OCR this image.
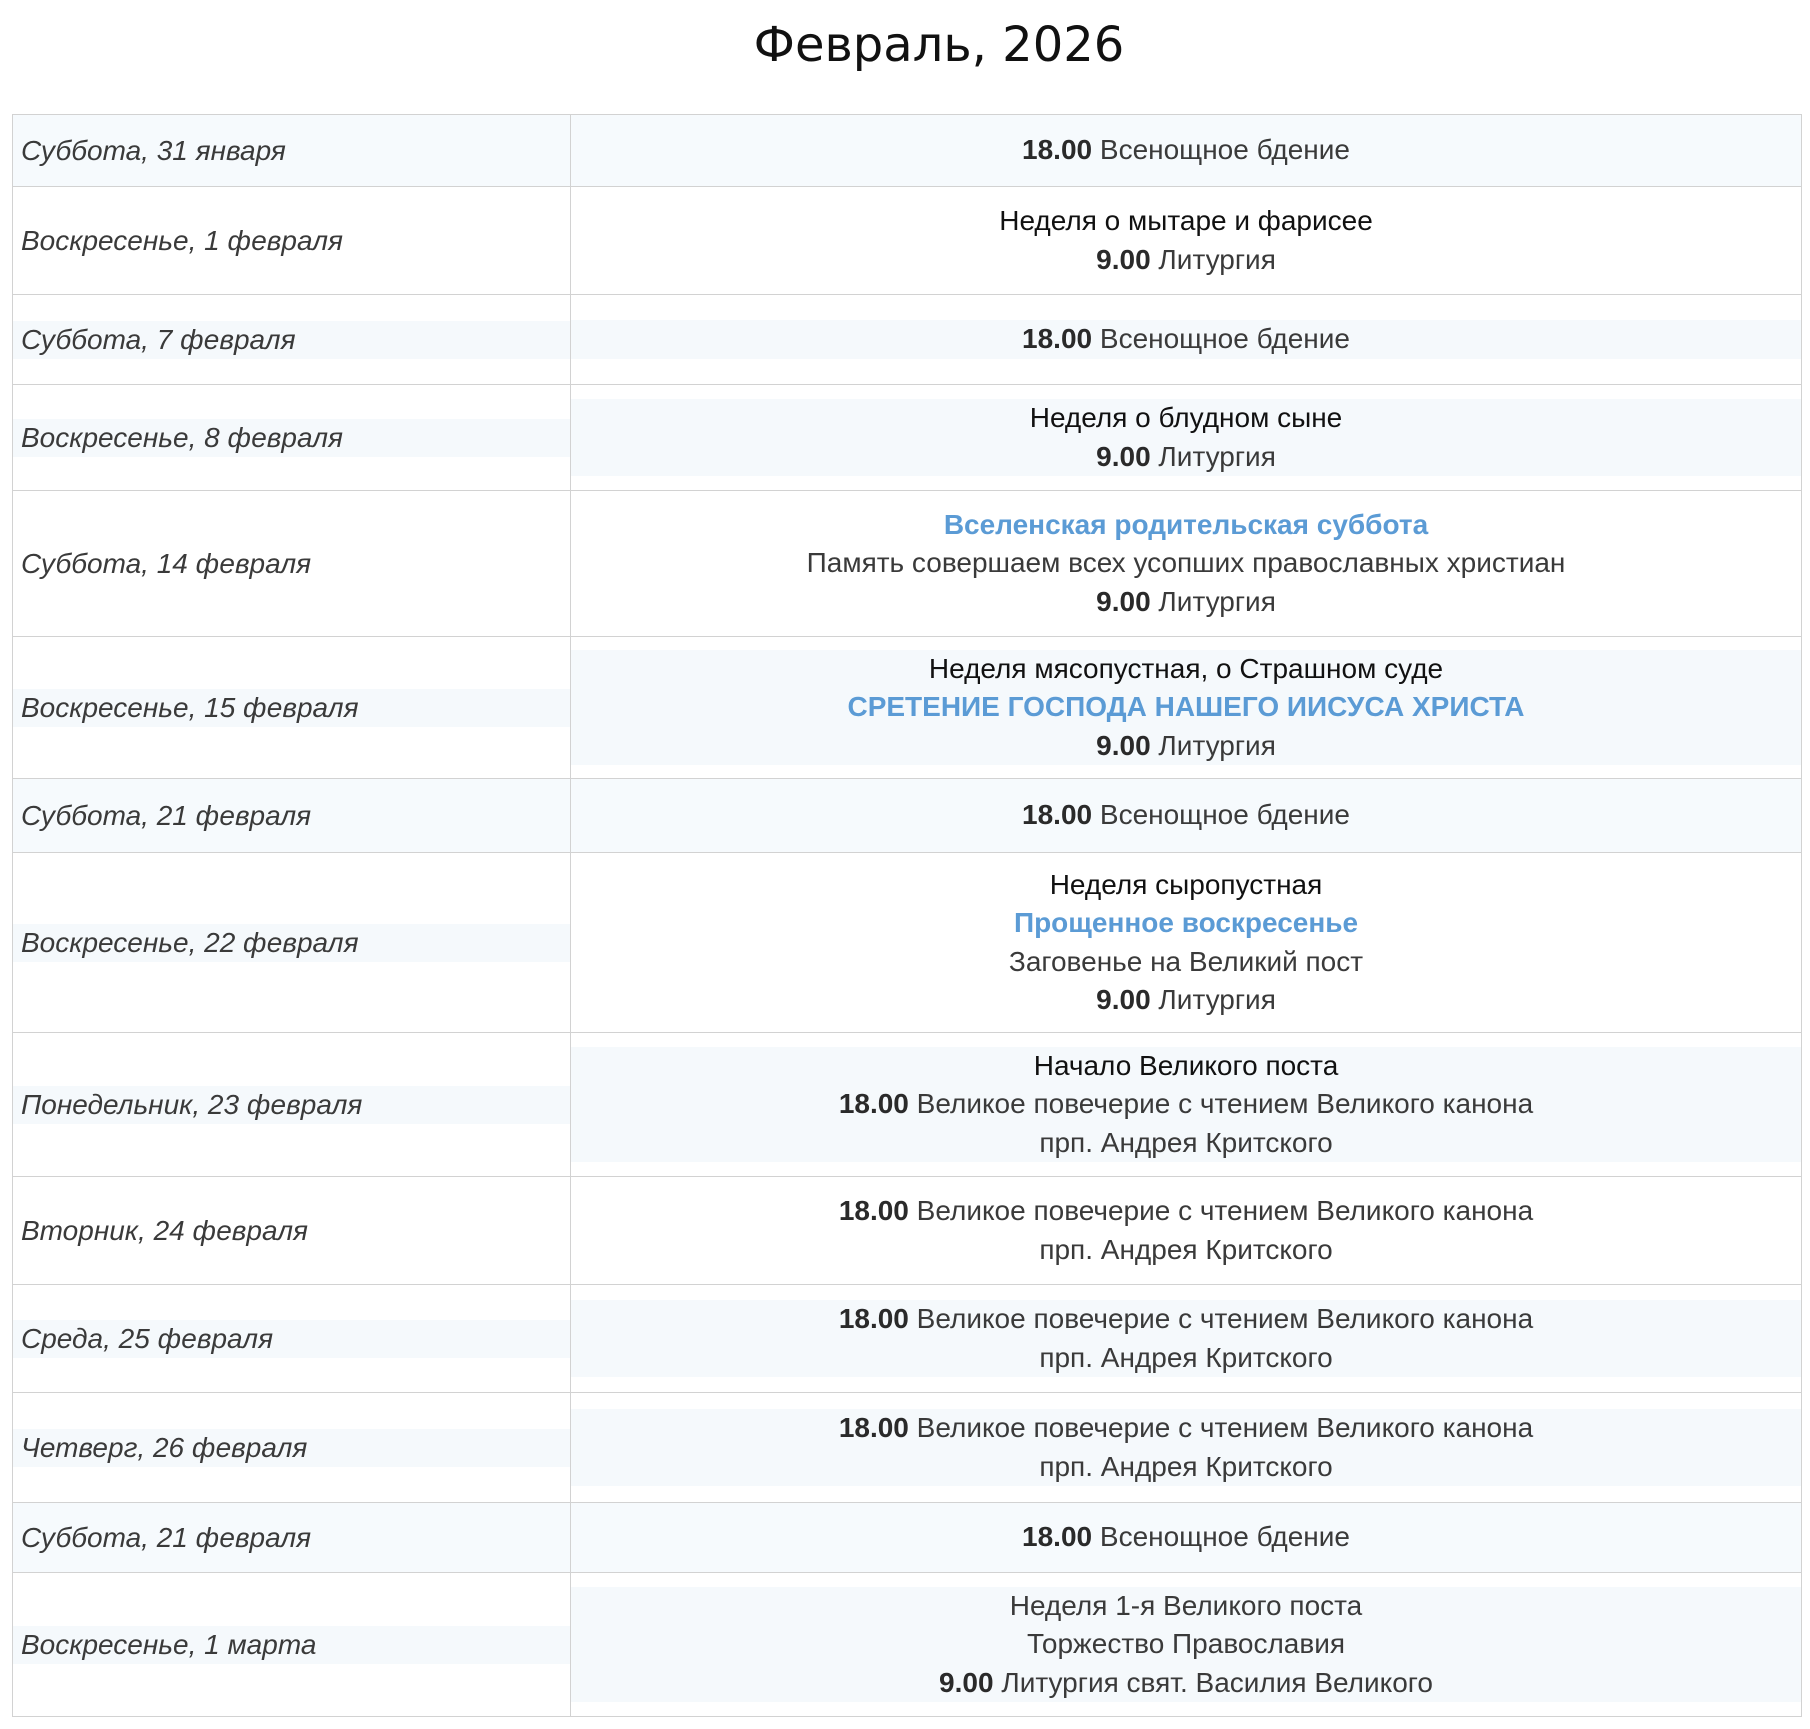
Февраль, 2026
Суббота, 31 января	18.00 Всенощное бдение

Воскресенье, 1 февраля	Неделя о мытаре и фарисее
9.00 Литургия

Суббота, 7 февраля	18.00 Всенощное бдение

Воскресенье, 8 февраля	Неделя о блудном сыне
9.00 Литургия

Суббота, 14 февраля	Вселенская родительская суббота
Память совершаем всех усопших православных христиан
9.00 Литургия

Воскресенье, 15 февраля	Неделя мясопустная, о Страшном суде
СРЕТЕНИЕ ГОСПОДА НАШЕГО ИИСУСА ХРИСТА
9.00 Литургия

Суббота, 21 февраля	18.00 Всенощное бдение

Воскресенье, 22 февраля	Неделя сыропустная
Прощенное воскресенье
Заговенье на Великий пост
9.00 Литургия

Понедельник, 23 февраля	Начало Великого поста
18.00 Великое повечерие с чтением Великого канона
прп. Андрея Критского

Вторник, 24 февраля	18.00 Великое повечерие с чтением Великого канона
прп. Андрея Критского

Среда, 25 февраля	18.00 Великое повечерие с чтением Великого канона
прп. Андрея Критского

Четверг, 26 февраля	18.00 Великое повечерие с чтением Великого канона
прп. Андрея Критского

Суббота, 21 февраля	18.00 Всенощное бдение

Воскресенье, 1 марта	Неделя 1-я Великого поста
Торжество Православия
9.00 Литургия свят. Василия Великого
